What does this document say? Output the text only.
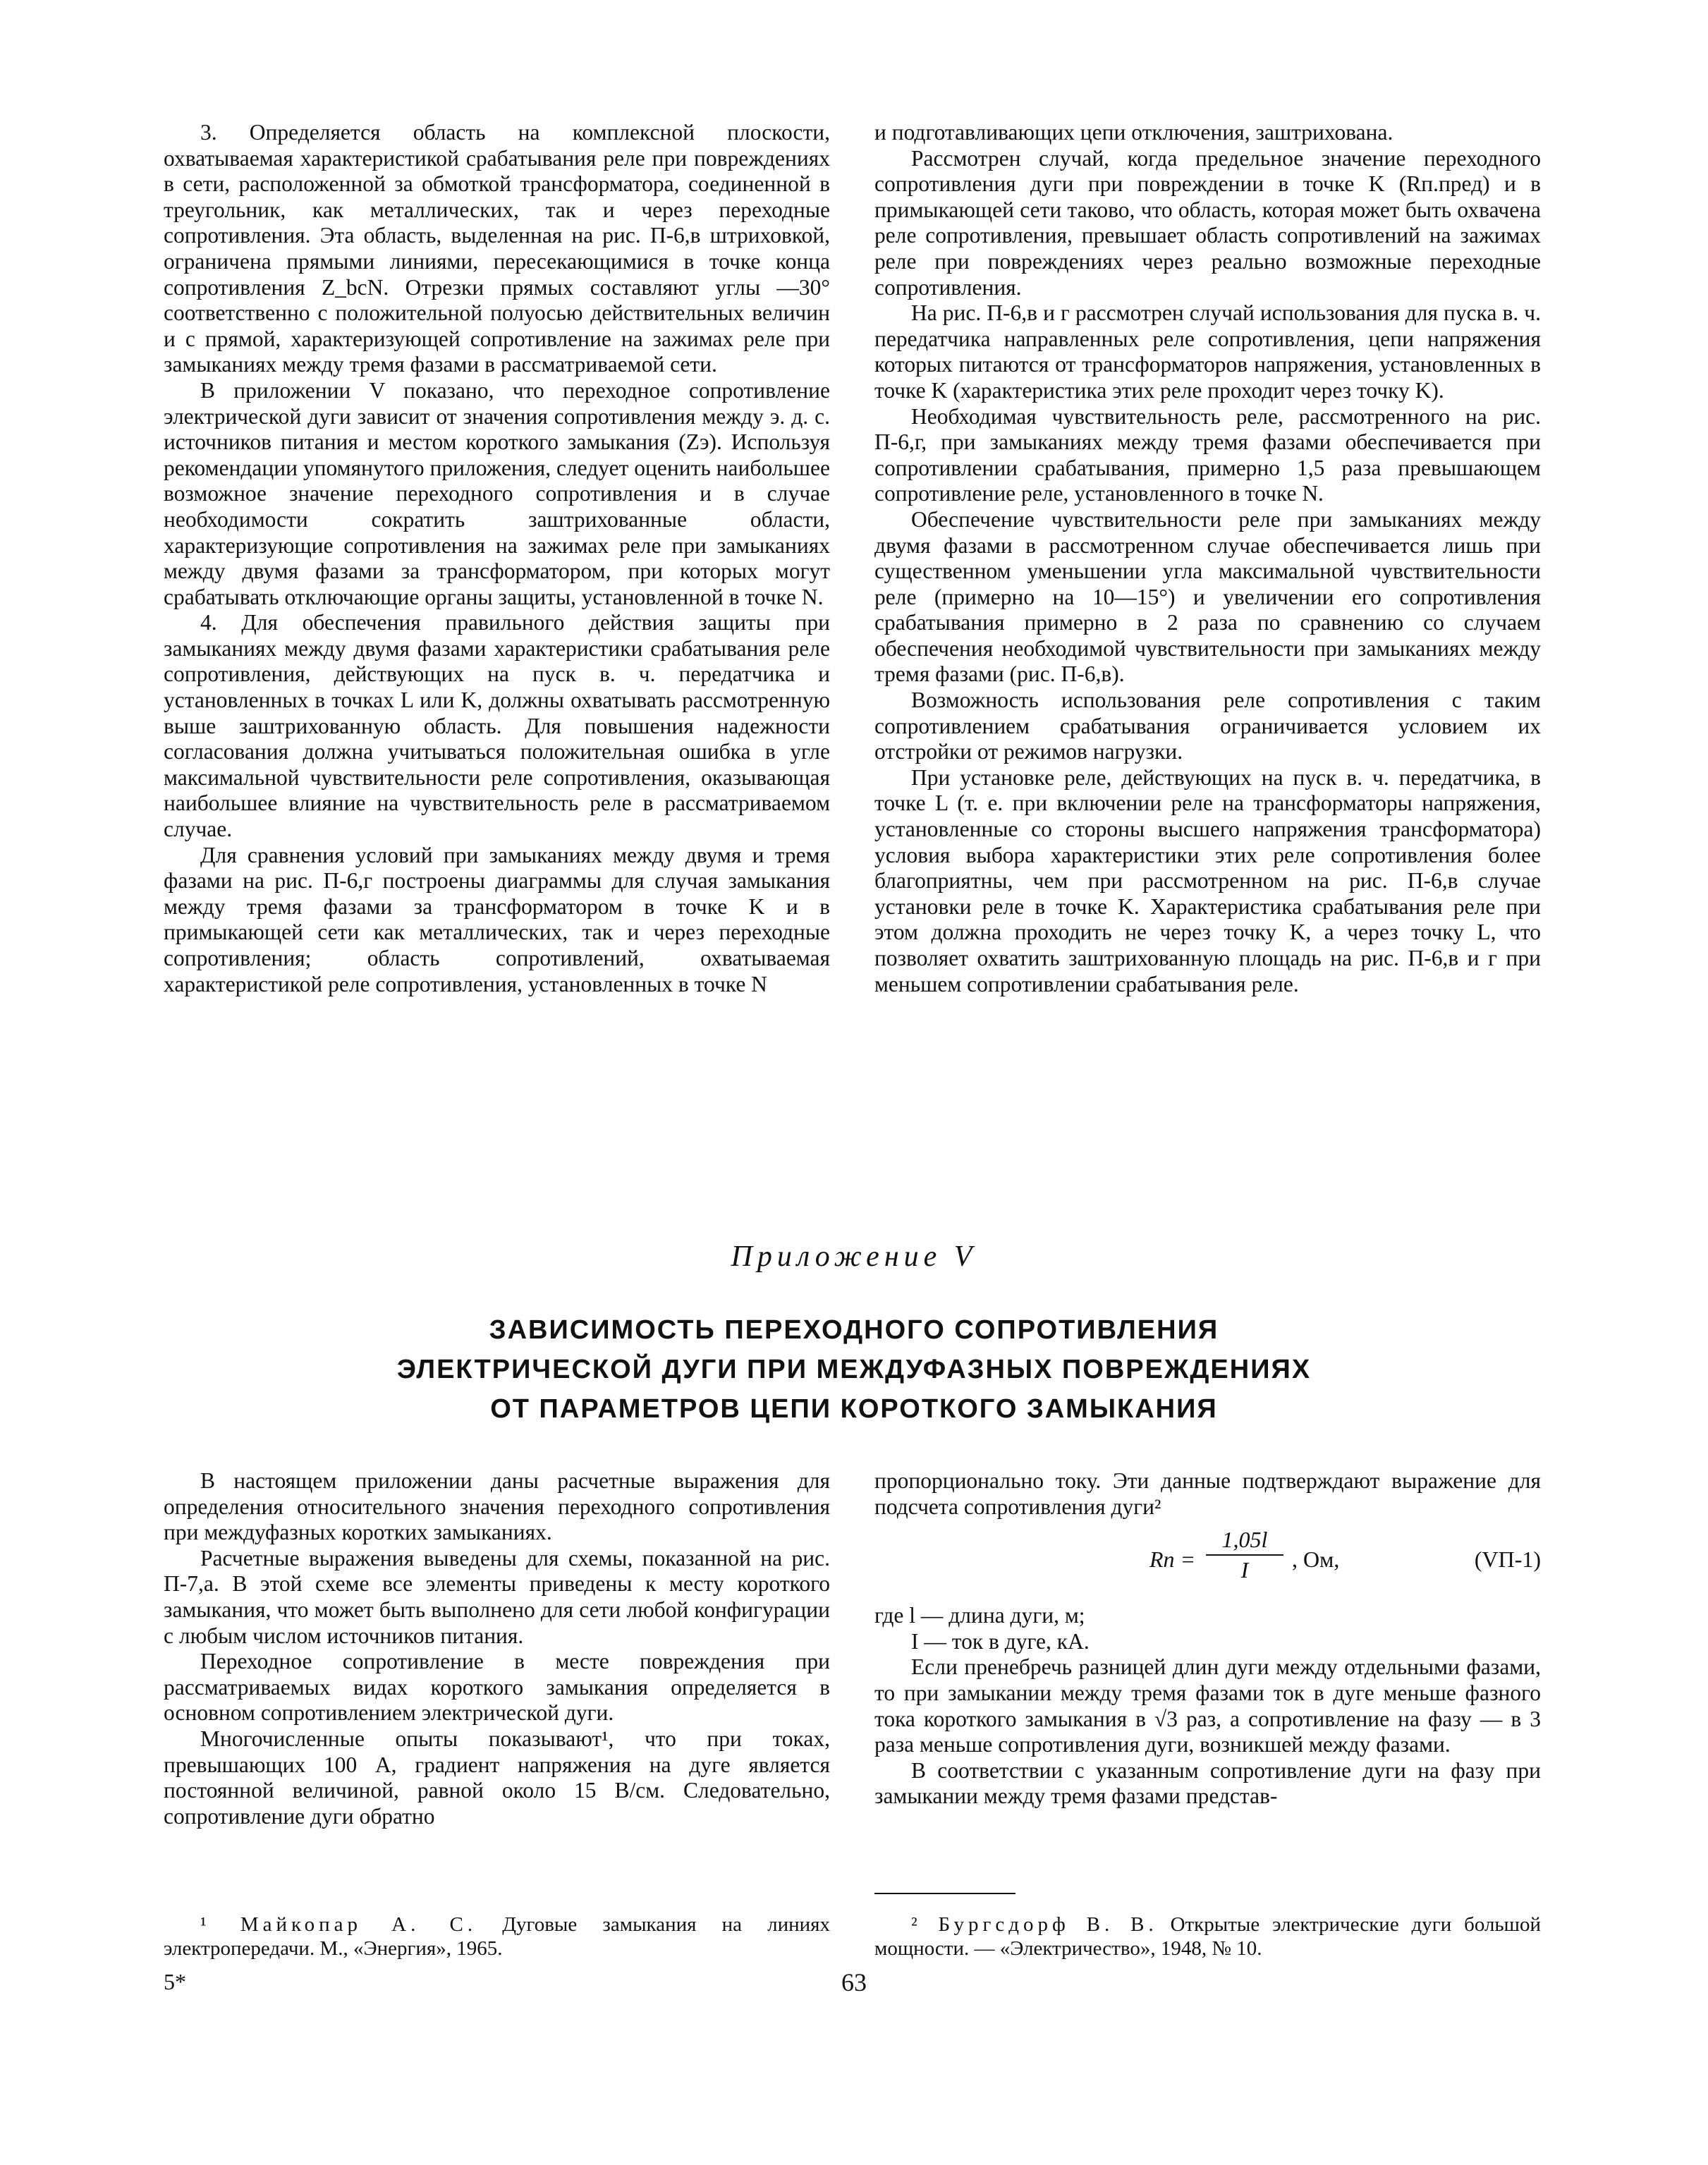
3. Определяется область на комплексной плоскости, охватываемая характеристикой срабатывания реле при повреждениях в сети, расположенной за обмоткой трансформатора, соединенной в треугольник, как металлических, так и через переходные сопротивления. Эта область, выделенная на рис. П-6,в штриховкой, ограничена прямыми линиями, пересекающимися в точке конца сопротивления Z_bcN. Отрезки прямых составляют углы —30° соответственно с положительной полуосью действительных величин и с прямой, характеризующей сопротивление на зажимах реле при замыканиях между тремя фазами в рассматриваемой сети.

В приложении V показано, что переходное сопротивление электрической дуги зависит от значения сопротивления между э. д. с. источников питания и местом короткого замыкания (Zэ). Используя рекомендации упомянутого приложения, следует оценить наибольшее возможное значение переходного сопротивления и в случае необходимости сократить заштрихованные области, характеризующие сопротивления на зажимах реле при замыканиях между двумя фазами за трансформатором, при которых могут срабатывать отключающие органы защиты, установленной в точке N.

4. Для обеспечения правильного действия защиты при замыканиях между двумя фазами характеристики срабатывания реле сопротивления, действующих на пуск в. ч. передатчика и установленных в точках L или K, должны охватывать рассмотренную выше заштрихованную область. Для повышения надежности согласования должна учитываться положительная ошибка в угле максимальной чувствительности реле сопротивления, оказывающая наибольшее влияние на чувствительность реле в рассматриваемом случае.

Для сравнения условий при замыканиях между двумя и тремя фазами на рис. П-6,г построены диаграммы для случая замыкания между тремя фазами за трансформатором в точке K и в примыкающей сети как металлических, так и через переходные сопротивления; область сопротивлений, охватываемая характеристикой реле сопротивления, установленных в точке N

и подготавливающих цепи отключения, заштрихована.

Рассмотрен случай, когда предельное значение переходного сопротивления дуги при повреждении в точке K (Rп.пред) и в примыкающей сети таково, что область, которая может быть охвачена реле сопротивления, превышает область сопротивлений на зажимах реле при повреждениях через реально возможные переходные сопротивления.

На рис. П-6,в и г рассмотрен случай использования для пуска в. ч. передатчика направленных реле сопротивления, цепи напряжения которых питаются от трансформаторов напряжения, установленных в точке K (характеристика этих реле проходит через точку K).

Необходимая чувствительность реле, рассмотренного на рис. П-6,г, при замыканиях между тремя фазами обеспечивается при сопротивлении срабатывания, примерно 1,5 раза превышающем сопротивление реле, установленного в точке N.

Обеспечение чувствительности реле при замыканиях между двумя фазами в рассмотренном случае обеспечивается лишь при существенном уменьшении угла максимальной чувствительности реле (примерно на 10—15°) и увеличении его сопротивления срабатывания примерно в 2 раза по сравнению со случаем обеспечения необходимой чувствительности при замыканиях между тремя фазами (рис. П-6,в).

Возможность использования реле сопротивления с таким сопротивлением срабатывания ограничивается условием их отстройки от режимов нагрузки.

При установке реле, действующих на пуск в. ч. передатчика, в точке L (т. е. при включении реле на трансформаторы напряжения, установленные со стороны высшего напряжения трансформатора) условия выбора характеристики этих реле сопротивления более благоприятны, чем при рассмотренном на рис. П-6,в случае установки реле в точке K. Характеристика срабатывания реле при этом должна проходить не через точку K, а через точку L, что позволяет охватить заштрихованную площадь на рис. П-6,в и г при меньшем сопротивлении срабатывания реле.

Приложение V
ЗАВИСИМОСТЬ ПЕРЕХОДНОГО СОПРОТИВЛЕНИЯ
ЭЛЕКТРИЧЕСКОЙ ДУГИ ПРИ МЕЖДУФАЗНЫХ ПОВРЕЖДЕНИЯХ
ОТ ПАРАМЕТРОВ ЦЕПИ КОРОТКОГО ЗАМЫКАНИЯ

В настоящем приложении даны расчетные выражения для определения относительного значения переходного сопротивления при междуфазных коротких замыканиях.

Расчетные выражения выведены для схемы, показанной на рис. П-7,а. В этой схеме все элементы приведены к месту короткого замыкания, что может быть выполнено для сети любой конфигурации с любым числом источников питания.

Переходное сопротивление в месте повреждения при рассматриваемых видах короткого замыкания определяется в основном сопротивлением электрической дуги.

Многочисленные опыты показывают¹, что при токах, превышающих 100 А, градиент напряжения на дуге является постоянной величиной, равной около 15 В/см. Следовательно, сопротивление дуги обратно

пропорционально току. Эти данные подтверждают выражение для подсчета сопротивления дуги²

Rп = $\frac{1,05l}{I}$ , Ом,	(VП-1)

где l — длина дуги, м;

I — ток в дуге, кА.

Если пренебречь разницей длин дуги между отдельными фазами, то при замыкании между тремя фазами ток в дуге меньше фазного тока короткого замыкания в √3 раз, а сопротивление на фазу — в 3 раза меньше сопротивления дуги, возникшей между фазами.

В соответствии с указанным сопротивление дуги на фазу при замыкании между тремя фазами представ-

¹ Майкопар А. С. Дуговые замыкания на линиях электропередачи. М., «Энергия», 1965.

² Бургсдорф В. В. Открытые электрические дуги большой мощности. — «Электричество», 1948, № 10.

5*	63
